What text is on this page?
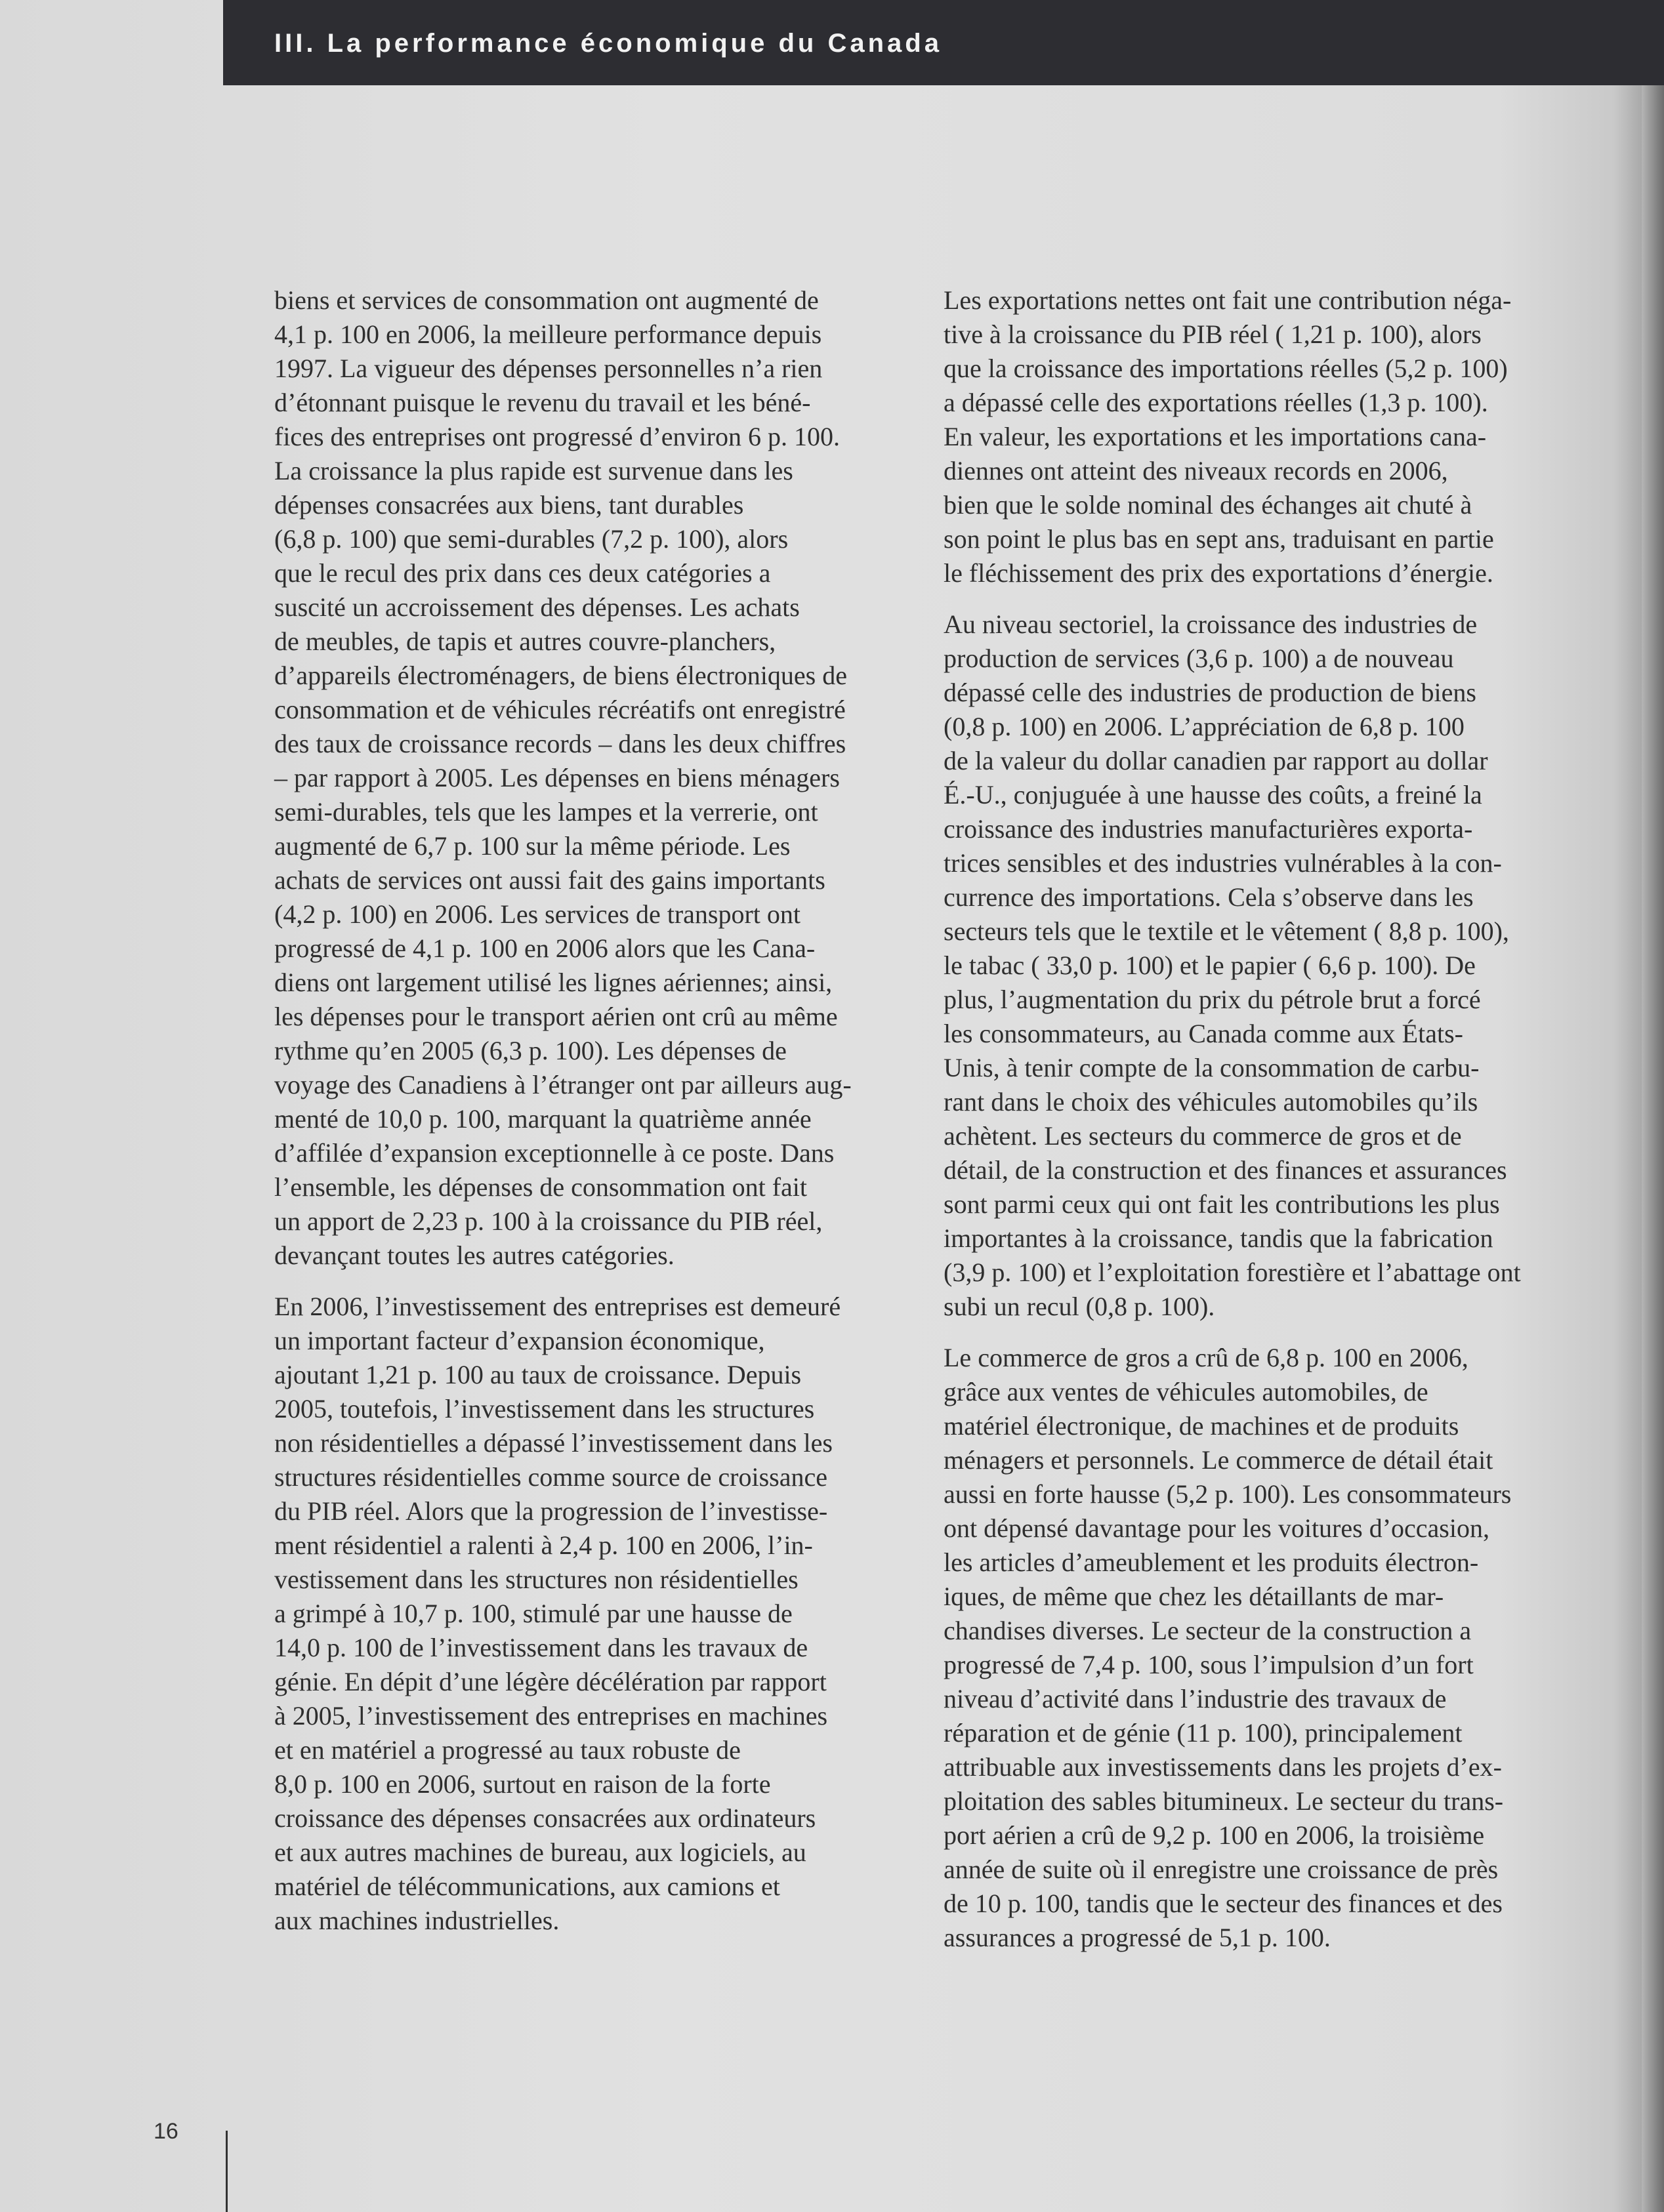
III. La performance économique du Canada

biens et services de consommation ont augmenté de
4,1 p. 100 en 2006, la meilleure performance depuis
1997. La vigueur des dépenses personnelles n’a rien
d’étonnant puisque le revenu du travail et les béné-
fices des entreprises ont progressé d’environ 6 p. 100.
La croissance la plus rapide est survenue dans les
dépenses consacrées aux biens, tant durables
(6,8 p. 100) que semi-durables (7,2 p. 100), alors
que le recul des prix dans ces deux catégories a
suscité un accroissement des dépenses. Les achats
de meubles, de tapis et autres couvre-planchers,
d’appareils électroménagers, de biens électroniques de
consommation et de véhicules récréatifs ont enregistré
des taux de croissance records – dans les deux chiffres
– par rapport à 2005. Les dépenses en biens ménagers
semi-durables, tels que les lampes et la verrerie, ont
augmenté de 6,7 p. 100 sur la même période. Les
achats de services ont aussi fait des gains importants
(4,2 p. 100) en 2006. Les services de transport ont
progressé de 4,1 p. 100 en 2006 alors que les Cana-
diens ont largement utilisé les lignes aériennes; ainsi,
les dépenses pour le transport aérien ont crû au même
rythme qu’en 2005 (6,3 p. 100). Les dépenses de
voyage des Canadiens à l’étranger ont par ailleurs aug-
menté de 10,0 p. 100, marquant la quatrième année
d’affilée d’expansion exceptionnelle à ce poste. Dans
l’ensemble, les dépenses de consommation ont fait
un apport de 2,23 p. 100 à la croissance du PIB réel,
devançant toutes les autres catégories.

En 2006, l’investissement des entreprises est demeuré
un important facteur d’expansion économique,
ajoutant 1,21 p. 100 au taux de croissance. Depuis
2005, toutefois, l’investissement dans les structures
non résidentielles a dépassé l’investissement dans les
structures résidentielles comme source de croissance
du PIB réel. Alors que la progression de l’investisse-
ment résidentiel a ralenti à 2,4 p. 100 en 2006, l’in-
vestissement dans les structures non résidentielles
a grimpé à 10,7 p. 100, stimulé par une hausse de
14,0 p. 100 de l’investissement dans les travaux de
génie. En dépit d’une légère décélération par rapport
à 2005, l’investissement des entreprises en machines
et en matériel a progressé au taux robuste de
8,0 p. 100 en 2006, surtout en raison de la forte
croissance des dépenses consacrées aux ordinateurs
et aux autres machines de bureau, aux logiciels, au
matériel de télécommunications, aux camions et
aux machines industrielles.

Les exportations nettes ont fait une contribution néga-
tive à la croissance du PIB réel ( 1,21 p. 100), alors
que la croissance des importations réelles (5,2 p. 100)
a dépassé celle des exportations réelles (1,3 p. 100).
En valeur, les exportations et les importations cana-
diennes ont atteint des niveaux records en 2006,
bien que le solde nominal des échanges ait chuté à
son point le plus bas en sept ans, traduisant en partie
le fléchissement des prix des exportations d’énergie.

Au niveau sectoriel, la croissance des industries de
production de services (3,6 p. 100) a de nouveau
dépassé celle des industries de production de biens
(0,8 p. 100) en 2006. L’appréciation de 6,8 p. 100
de la valeur du dollar canadien par rapport au dollar
É.-U., conjuguée à une hausse des coûts, a freiné la
croissance des industries manufacturières exporta-
trices sensibles et des industries vulnérables à la con-
currence des importations. Cela s’observe dans les
secteurs tels que le textile et le vêtement ( 8,8 p. 100),
le tabac ( 33,0 p. 100) et le papier ( 6,6 p. 100). De
plus, l’augmentation du prix du pétrole brut a forcé
les consommateurs, au Canada comme aux États-
Unis, à tenir compte de la consommation de carbu-
rant dans le choix des véhicules automobiles qu’ils
achètent. Les secteurs du commerce de gros et de
détail, de la construction et des finances et assurances
sont parmi ceux qui ont fait les contributions les plus
importantes à la croissance, tandis que la fabrication
(3,9 p. 100) et l’exploitation forestière et l’abattage ont
subi un recul (0,8 p. 100).

Le commerce de gros a crû de 6,8 p. 100 en 2006,
grâce aux ventes de véhicules automobiles, de
matériel électronique, de machines et de produits
ménagers et personnels. Le commerce de détail était
aussi en forte hausse (5,2 p. 100). Les consommateurs
ont dépensé davantage pour les voitures d’occasion,
les articles d’ameublement et les produits électron-
iques, de même que chez les détaillants de mar-
chandises diverses. Le secteur de la construction a
progressé de 7,4 p. 100, sous l’impulsion d’un fort
niveau d’activité dans l’industrie des travaux de
réparation et de génie (11 p. 100), principalement
attribuable aux investissements dans les projets d’ex-
ploitation des sables bitumineux. Le secteur du trans-
port aérien a crû de 9,2 p. 100 en 2006, la troisième
année de suite où il enregistre une croissance de près
de 10 p. 100, tandis que le secteur des finances et des
assurances a progressé de 5,1 p. 100.

16
